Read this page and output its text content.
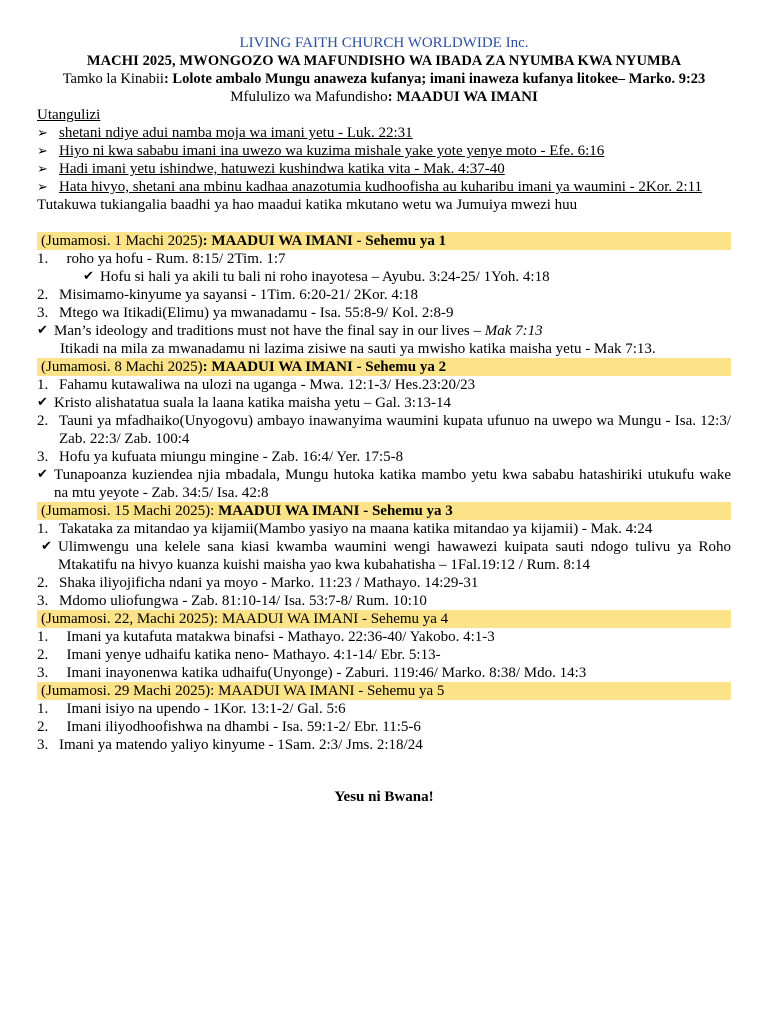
LIVING FAITH CHURCH WORLDWIDE Inc.
MACHI 2025, MWONGOZO WA MAFUNDISHO WA IBADA ZA NYUMBA KWA NYUMBA
Tamko la Kinabii: Lolote ambalo Mungu anaweza kufanya; imani inaweza kufanya litokee– Marko. 9:23
Mfululizo wa Mafundisho: MAADUI WA IMANI
Utangulizi
➢ shetani ndiye adui namba moja wa imani yetu - Luk. 22:31
➢ Hiyo ni kwa sababu imani ina uwezo wa kuzima mishale yake yote yenye moto - Efe. 6:16
➢ Hadi imani yetu ishindwe, hatuwezi kushindwa katika vita - Mak. 4:37-40
➢ Hata hivyo, shetani ana mbinu kadhaa anazotumia kudhoofisha au kuharibu imani ya waumini - 2Kor. 2:11
Tutakuwa tukiangalia baadhi ya hao maadui katika mkutano wetu wa Jumuiya mwezi huu
(Jumamosi. 1 Machi 2025): MAADUI WA IMANI - Sehemu ya 1
1. roho ya hofu - Rum. 8:15/ 2Tim. 1:7
✔ Hofu si hali ya akili tu bali ni roho inayotesa – Ayubu. 3:24-25/ 1Yoh. 4:18
2. Misimamo-kinyume ya sayansi - 1Tim. 6:20-21/ 2Kor. 4:18
3. Mtego wa Itikadi(Elimu) ya mwanadamu - Isa. 55:8-9/ Kol. 2:8-9
✔ Man’s ideology and traditions must not have the final say in our lives – Mak 7:13
Itikadi na mila za mwanadamu ni lazima zisiwe na sauti ya mwisho katika maisha yetu - Mak 7:13.
(Jumamosi. 8 Machi 2025): MAADUI WA IMANI - Sehemu ya 2
1. Fahamu kutawaliwa na ulozi na uganga - Mwa. 12:1-3/ Hes.23:20/23
✔ Kristo alishatatua suala la laana katika maisha yetu – Gal. 3:13-14
2. Tauni ya mfadhaiko(Unyogovu) ambayo inawanyima waumini kupata ufunuo na uwepo wa Mungu - Isa. 12:3/ Zab. 22:3/ Zab. 100:4
3. Hofu ya kufuata miungu mingine - Zab. 16:4/ Yer. 17:5-8
✔ Tunapoanza kuziendea njia mbadala, Mungu hutoka katika mambo yetu kwa sababu hatashiriki utukufu wake na mtu yeyote - Zab. 34:5/ Isa. 42:8
(Jumamosi. 15 Machi 2025): MAADUI WA IMANI - Sehemu ya 3
1. Takataka za mitandao ya kijamii(Mambo yasiyo na maana katika mitandao ya kijamii) - Mak. 4:24
✔ Ulimwengu una kelele sana kiasi kwamba waumini wengi hawawezi kuipata sauti ndogo tulivu ya Roho Mtakatifu na hivyo kuanza kuishi maisha yao kwa kubahatisha – 1Fal.19:12 / Rum. 8:14
2. Shaka iliyojificha ndani ya moyo - Marko. 11:23 / Mathayo. 14:29-31
3. Mdomo uliofungwa - Zab. 81:10-14/ Isa. 53:7-8/ Rum. 10:10
(Jumamosi. 22, Machi 2025): MAADUI WA IMANI - Sehemu ya 4
1. Imani ya kutafuta matakwa binafsi - Mathayo. 22:36-40/ Yakobo. 4:1-3
2. Imani yenye udhaifu katika neno- Mathayo. 4:1-14/ Ebr. 5:13-
3. Imani inayonenwa katika udhaifu(Unyonge) - Zaburi. 119:46/ Marko. 8:38/ Mdo. 14:3
(Jumamosi. 29 Machi 2025): MAADUI WA IMANI - Sehemu ya 5
1. Imani isiyo na upendo - 1Kor. 13:1-2/ Gal. 5:6
2. Imani iliyodhoofishwa na dhambi - Isa. 59:1-2/ Ebr. 11:5-6
3. Imani ya matendo yaliyo kinyume - 1Sam. 2:3/ Jms. 2:18/24
Yesu ni Bwana!
